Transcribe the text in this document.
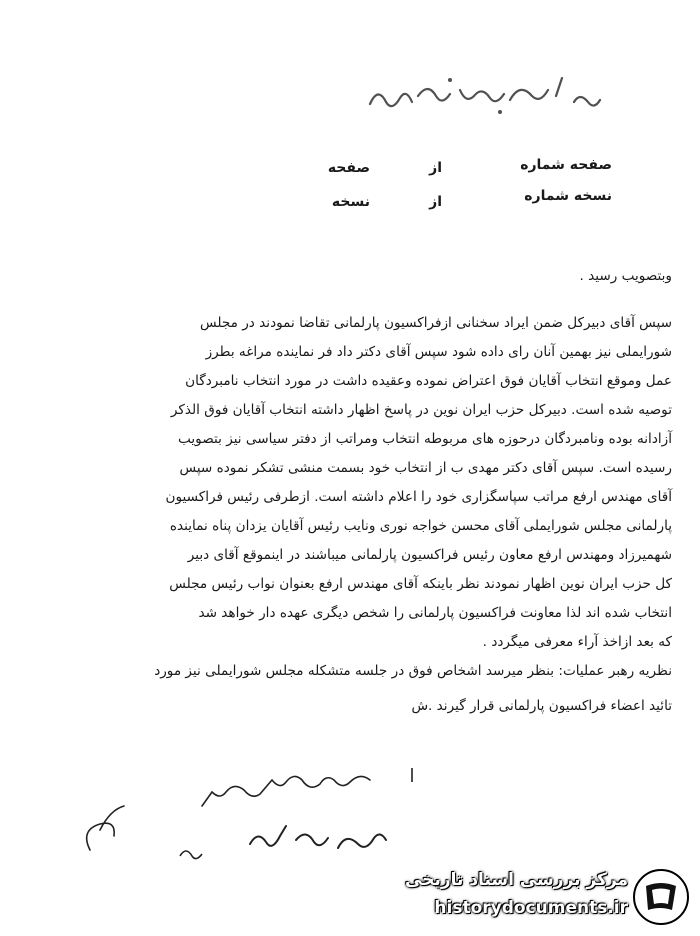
صفحه شماره
از
صفحه
نسخه شماره
از
نسخه
وبتصويب رسيد .
سپس آقای دبیرکل ضمن ایراد سخنانی ازفراکسیون پارلمانی تقاضا نمودند در مجلس
شورایملی نیز بهمین آنان رای داده شود سپس آقای دکتر داد فر نماینده مراغه بطرز
عمل وموقع انتخاب آقایان فوق اعتراض نموده وعقیده داشت در مورد انتخاب نامبردگان
توصیه شده است. دبیرکل حزب ایران نوین در پاسخ اظهار داشته انتخاب آقایان فوق الذکر
آزادانه بوده ونامبردگان درحوزه های مربوطه انتخاب ومراتب از دفتر سیاسی نیز بتصویب
رسیده است. سپس آقای دکتر مهدی ب از انتخاب خود بسمت منشی تشکر نموده سپس
آقای مهندس ارفع مراتب سپاسگزاری خود را اعلام داشته است. ازطرفی رئیس فراکسیون
پارلمانی مجلس شورایملی آقای محسن خواجه نوری ونایب رئیس آقایان یزدان پناه نماینده
شهمیرزاد ومهندس ارفع معاون رئیس فراکسیون پارلمانی میباشند در اینموقع آقای دبیر
کل حزب ایران نوین اظهار نمودند نظر باینکه آقای مهندس ارفع بعنوان نواب رئیس مجلس
انتخاب شده اند لذا معاونت فراکسیون پارلمانی را شخص دیگری عهده دار خواهد شد
که بعد ازاخذ آراء معرفی میگردد .
نظریه رهبر عملیات: بنظر میرسد اشخاص فوق در جلسه متشکله مجلس شورایملی نیز مورد
تائید اعضاء فراکسیون پارلمانی قرار گیرند .ش
مرکز بررسی اسناد تاریخی
historydocuments.ir
